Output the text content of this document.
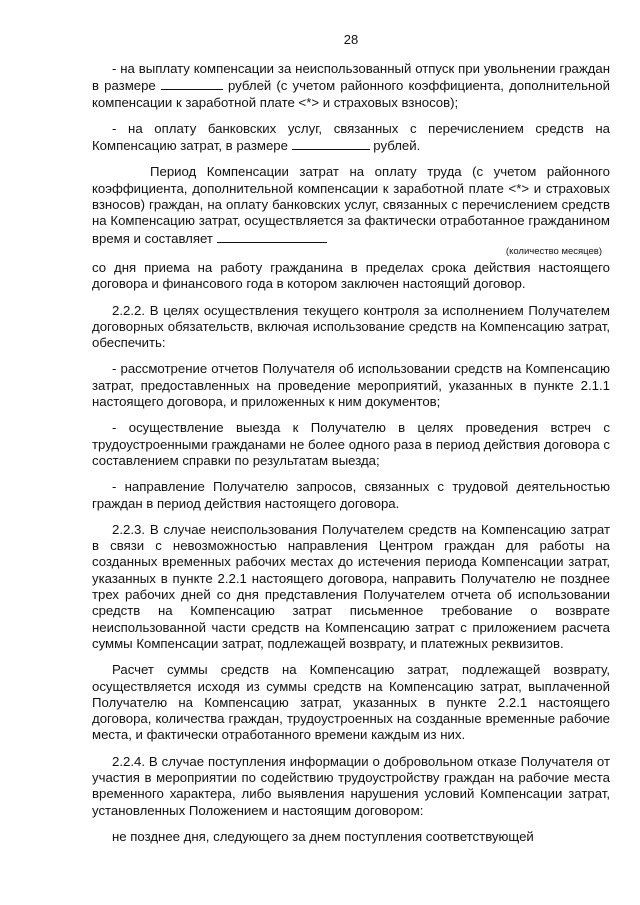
28

- на выплату компенсации за неиспользованный отпуск при увольнении граждан в размере	рублей (с учетом районного коэффициента, дополнительной компенсации к заработной плате <*> и страховых взносов);

- на оплату банковских услуг, связанных с перечислением средств на Компенсацию затрат, в размере	рублей.

Период Компенсации затрат на оплату труда (с учетом районного коэффициента, дополнительной компенсации к заработной плате <*> и страховых взносов) граждан, на оплату банковских услуг, связанных с перечислением средств на Компенсацию затрат, осуществляется за фактически отработанное гражданином время и составляет

(количество месяцев)

со дня приема на работу гражданина в пределах срока действия настоящего договора и финансового года в котором заключен настоящий договор.

2.2.2. В целях осуществления текущего контроля за исполнением Получателем договорных обязательств, включая использование средств на Компенсацию затрат, обеспечить:

- рассмотрение отчетов Получателя об использовании средств на Компенсацию затрат, предоставленных на проведение мероприятий, указанных в пункте 2.1.1 настоящего договора, и приложенных к ним документов;

- осуществление выезда к Получателю в целях проведения встреч с трудоустроенными гражданами не более одного раза в период действия договора с составлением справки по результатам выезда;

- направление Получателю запросов, связанных с трудовой деятельностью граждан в период действия настоящего договора.

2.2.3. В случае неиспользования Получателем средств на Компенсацию затрат в связи с невозможностью направления Центром граждан для работы на созданных временных рабочих местах до истечения периода Компенсации затрат, указанных в пункте 2.2.1 настоящего договора, направить Получателю не позднее трех рабочих дней со дня представления Получателем отчета об использовании средств на Компенсацию затрат письменное требование о возврате неиспользованной части средств на Компенсацию затрат с приложением расчета суммы Компенсации затрат, подлежащей возврату, и платежных реквизитов.

Расчет суммы средств на Компенсацию затрат, подлежащей возврату, осуществляется исходя из суммы средств на Компенсацию затрат, выплаченной Получателю на Компенсацию затрат, указанных в пункте 2.2.1 настоящего договора, количества граждан, трудоустроенных на созданные временные рабочие места, и фактически отработанного времени каждым из них.

2.2.4. В случае поступления информации о добровольном отказе Получателя от участия в мероприятии по содействию трудоустройству граждан на рабочие места временного характера, либо выявления нарушения условий Компенсации затрат, установленных Положением и настоящим договором:

не позднее дня, следующего за днем поступления соответствующей
